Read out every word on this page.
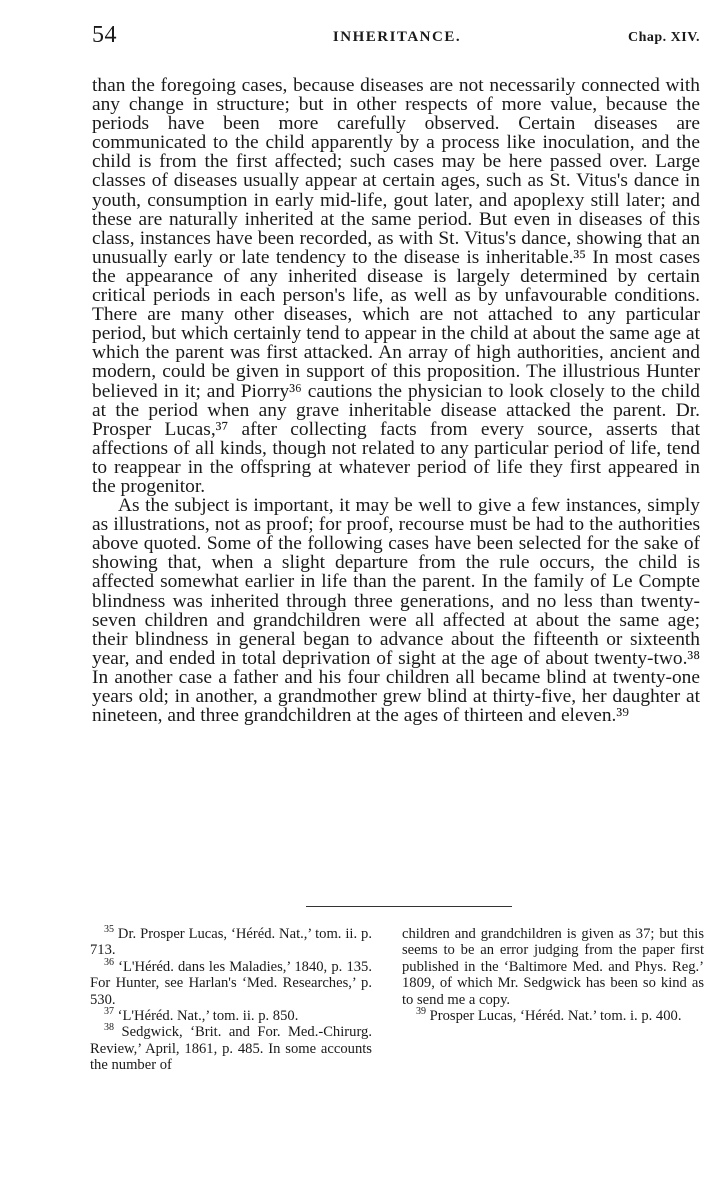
54	INHERITANCE.	Chap. XIV.

than the foregoing cases, because diseases are not necessarily connected with any change in structure; but in other respects of more value, because the periods have been more carefully observed. Certain diseases are communicated to the child apparently by a process like inoculation, and the child is from the first affected; such cases may be here passed over. Large classes of diseases usually appear at certain ages, such as St. Vitus's dance in youth, consumption in early mid-life, gout later, and apoplexy still later; and these are naturally inherited at the same period. But even in diseases of this class, instances have been recorded, as with St. Vitus's dance, showing that an unusually early or late tendency to the disease is inheritable.³⁵ In most cases the appearance of any inherited disease is largely determined by certain critical periods in each person's life, as well as by unfavourable conditions. There are many other diseases, which are not attached to any particular period, but which certainly tend to appear in the child at about the same age at which the parent was first attacked. An array of high authorities, ancient and modern, could be given in support of this proposition. The illustrious Hunter believed in it; and Piorry³⁶ cautions the physician to look closely to the child at the period when any grave inheritable disease attacked the parent. Dr. Prosper Lucas,³⁷ after collecting facts from every source, asserts that affections of all kinds, though not related to any particular period of life, tend to reappear in the offspring at whatever period of life they first appeared in the progenitor.

As the subject is important, it may be well to give a few instances, simply as illustrations, not as proof; for proof, recourse must be had to the authorities above quoted. Some of the following cases have been selected for the sake of showing that, when a slight departure from the rule occurs, the child is affected somewhat earlier in life than the parent. In the family of Le Compte blindness was inherited through three generations, and no less than twenty-seven children and grandchildren were all affected at about the same age; their blindness in general began to advance about the fifteenth or sixteenth year, and ended in total deprivation of sight at the age of about twenty-two.³⁸ In another case a father and his four children all became blind at twenty-one years old; in another, a grandmother grew blind at thirty-five, her daughter at nineteen, and three grandchildren at the ages of thirteen and eleven.³⁹

$^{35}$ Dr. Prosper Lucas, ‘Héréd. Nat.,’ tom. ii. p. 713.

$^{36}$ ‘L'Héréd. dans les Maladies,’ 1840, p. 135. For Hunter, see Harlan's ‘Med. Researches,’ p. 530.

$^{37}$ ‘L'Héréd. Nat.,’ tom. ii. p. 850.

$^{38}$ Sedgwick, ‘Brit. and For. Med.-Chirurg. Review,’ April, 1861, p. 485. In some accounts the number of

children and grandchildren is given as 37; but this seems to be an error judging from the paper first published in the ‘Baltimore Med. and Phys. Reg.’ 1809, of which Mr. Sedgwick has been so kind as to send me a copy.

$^{39}$ Prosper Lucas, ‘Héréd. Nat.’ tom. i. p. 400.
